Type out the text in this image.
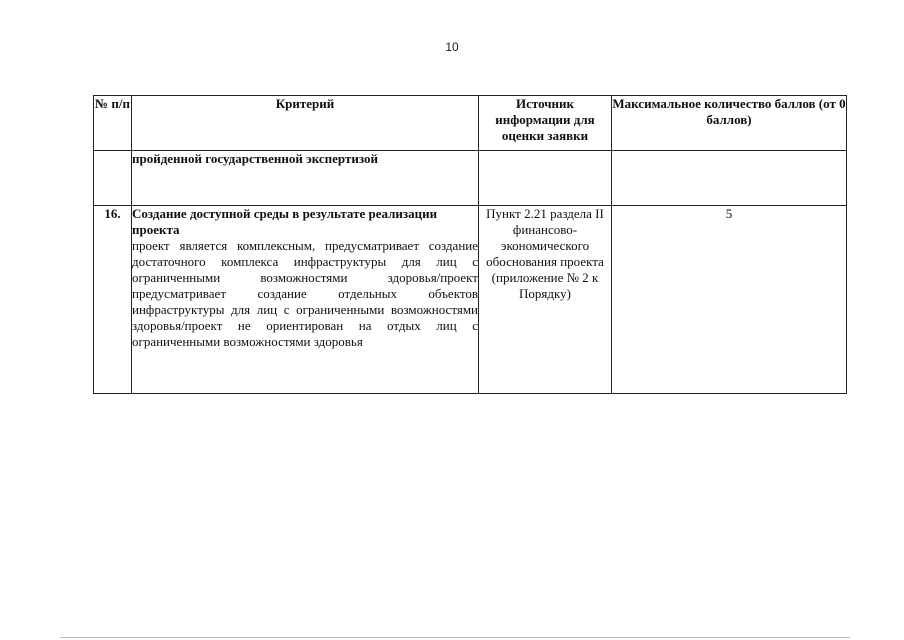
10
№ п/п	Критерий	Источник информации для оценки заявки	Максимальное количество баллов (от 0 баллов)
	пройденной государственной экспертизой		
16.	Создание доступной среды в результате реализации проекта
проект является комплексным, предусматривает создание достаточного комплекса инфраструктуры для лиц с ограниченными возможностями здоровья/проект предусматривает создание отдельных объектов инфраструктуры для лиц с ограниченными возможностями здоровья/проект не ориентирован на отдых лиц с ограниченными возможностями здоровья	Пункт 2.21 раздела II финансово-экономического обоснования проекта (приложение № 2 к Порядку)	5
